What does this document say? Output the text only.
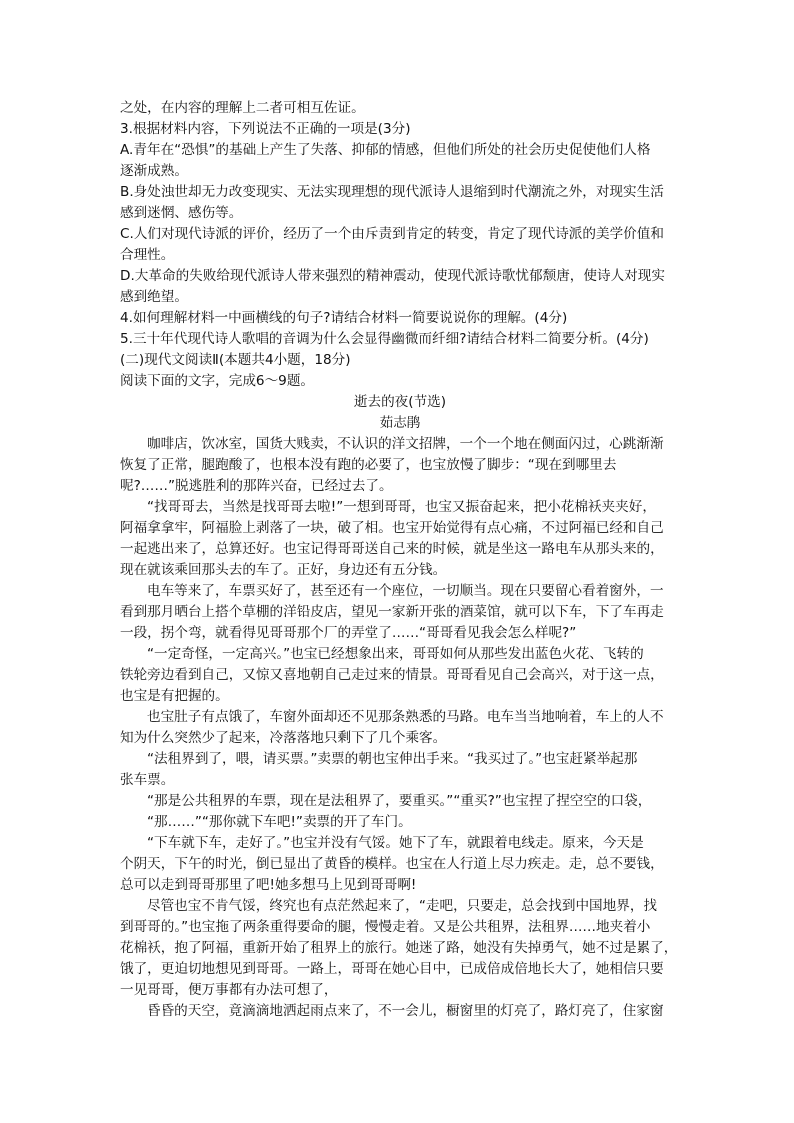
之处，在内容的理解上二者可相互佐证。
3.根据材料内容，下列说法不正确的一项是(3分)
A.青年在“恐惧”的基础上产生了失落、抑郁的情感，但他们所处的社会历史促使他们人格
逐渐成熟。
B.身处浊世却无力改变现实、无法实现理想的现代派诗人退缩到时代潮流之外，对现实生活
感到迷惘、感伤等。
C.人们对现代诗派的评价，经历了一个由斥责到肯定的转变，肯定了现代诗派的美学价值和
合理性。
D.大革命的失败给现代派诗人带来强烈的精神震动，使现代派诗歌忧郁颓唐，使诗人对现实
感到绝望。
4.如何理解材料一中画横线的句子?请结合材料一简要说说你的理解。(4分)
5.三十年代现代诗人歌唱的音调为什么会显得幽微而纤细?请结合材料二简要分析。(4分)
(二)现代文阅读Ⅱ(本题共4小题，18分)
阅读下面的文字，完成6～9题。
逝去的夜(节选)
茹志鹃
咖啡店，饮冰室，国货大贱卖，不认识的洋文招牌，一个一个地在侧面闪过，心跳渐渐
恢复了正常，腿跑酸了，也根本没有跑的必要了，也宝放慢了脚步：“现在到哪里去
呢?……”脱逃胜利的那阵兴奋，已经过去了。
“找哥哥去，当然是找哥哥去啦!”一想到哥哥，也宝又振奋起来，把小花棉袄夹夹好，
阿福拿拿牢，阿福脸上剥落了一块，破了相。也宝开始觉得有点心痛，不过阿福已经和自己
一起逃出来了，总算还好。也宝记得哥哥送自己来的时候，就是坐这一路电车从那头来的，
现在就该乘回那头去的车了。正好，身边还有五分钱。
电车等来了，车票买好了，甚至还有一个座位，一切顺当。现在只要留心看着窗外，一
看到那月晒台上搭个草棚的洋铅皮店，望见一家新开张的酒菜馆，就可以下车，下了车再走
一段，拐个弯，就看得见哥哥那个厂的弄堂了……“哥哥看见我会怎么样呢?”
“一定奇怪，一定高兴。”也宝已经想象出来，哥哥如何从那些发出蓝色火花、飞转的
铁轮旁边看到自己，又惊又喜地朝自己走过来的情景。哥哥看见自己会高兴，对于这一点，
也宝是有把握的。
也宝肚子有点饿了，车窗外面却还不见那条熟悉的马路。电车当当地响着，车上的人不
知为什么突然少了起来，冷落落地只剩下了几个乘客。
“法租界到了，喂，请买票。”卖票的朝也宝伸出手来。“我买过了。”也宝赶紧举起那
张车票。
“那是公共租界的车票，现在是法租界了，要重买。”“重买?”也宝捏了捏空空的口袋，
“那……”“那你就下车吧!”卖票的开了车门。
“下车就下车，走好了。”也宝并没有气馁。她下了车，就跟着电线走。原来，今天是
个阴天，下午的时光，倒已显出了黄昏的模样。也宝在人行道上尽力疾走。走，总不要钱，
总可以走到哥哥那里了吧!她多想马上见到哥哥啊!
尽管也宝不肯气馁，终究也有点茫然起来了，“走吧，只要走，总会找到中国地界，找
到哥哥的。”也宝拖了两条重得要命的腿，慢慢走着。又是公共租界，法租界……地夹着小
花棉袄，抱了阿福，重新开始了租界上的旅行。她迷了路，她没有失掉勇气，她不过是累了，
饿了，更迫切地想见到哥哥。一路上，哥哥在她心目中，已成倍成倍地长大了，她相信只要
一见哥哥，便万事都有办法可想了，
昏昏的天空，竟滴滴地洒起雨点来了，不一会儿，橱窗里的灯亮了，路灯亮了，住家窗
